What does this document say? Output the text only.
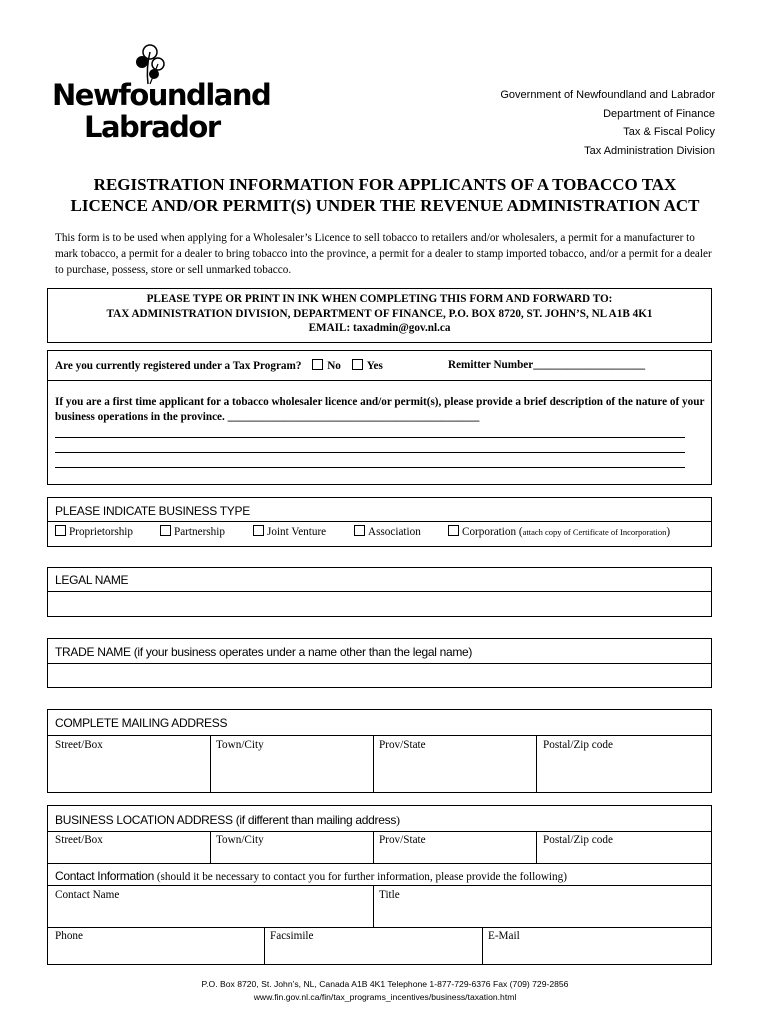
Newfoundland
Labrador
Government of Newfoundland and Labrador
Department of Finance
Tax & Fiscal Policy
Tax Administration Division
REGISTRATION INFORMATION FOR APPLICANTS OF A TOBACCO TAX
LICENCE AND/OR PERMIT(S) UNDER THE REVENUE ADMINISTRATION ACT
This form is to be used when applying for a Wholesaler’s Licence to sell tobacco to retailers and/or wholesalers, a permit for a manufacturer to mark tobacco, a permit for a dealer to bring tobacco into the province, a permit for a dealer to stamp imported tobacco, and/or a permit for a dealer to purchase, possess, store or sell unmarked tobacco.
PLEASE TYPE OR PRINT IN INK WHEN COMPLETING THIS FORM AND FORWARD TO:
TAX ADMINISTRATION DIVISION, DEPARTMENT OF FINANCE, P.O. BOX 8720, ST. JOHN’S, NL A1B 4K1
EMAIL: taxadmin@gov.nl.ca
Are you currently registered under a Tax Program? No Yes	Remitter Number____________________
If you are a first time applicant for a tobacco wholesaler licence and/or permit(s), please provide a brief description of the nature of your business operations in the province. _____________________________________________
PLEASE INDICATE BUSINESS TYPE
Proprietorship	Partnership	Joint Venture	Association	Corporation (attach copy of Certificate of Incorporation)
LEGAL NAME
TRADE NAME (if your business operates under a name other than the legal name)
COMPLETE MAILING ADDRESS
Street/Box	Town/City	Prov/State	Postal/Zip code
BUSINESS LOCATION ADDRESS (if different than mailing address)
Street/Box	Town/City	Prov/State	Postal/Zip code
Contact Information (should it be necessary to contact you for further information, please provide the following)
Contact Name	Title
Phone	Facsimile	E-Mail
P.O. Box 8720, St. John’s, NL, Canada A1B 4K1 Telephone 1-877-729-6376 Fax (709) 729-2856
www.fin.gov.nl.ca/fin/tax_programs_incentives/business/taxation.html
